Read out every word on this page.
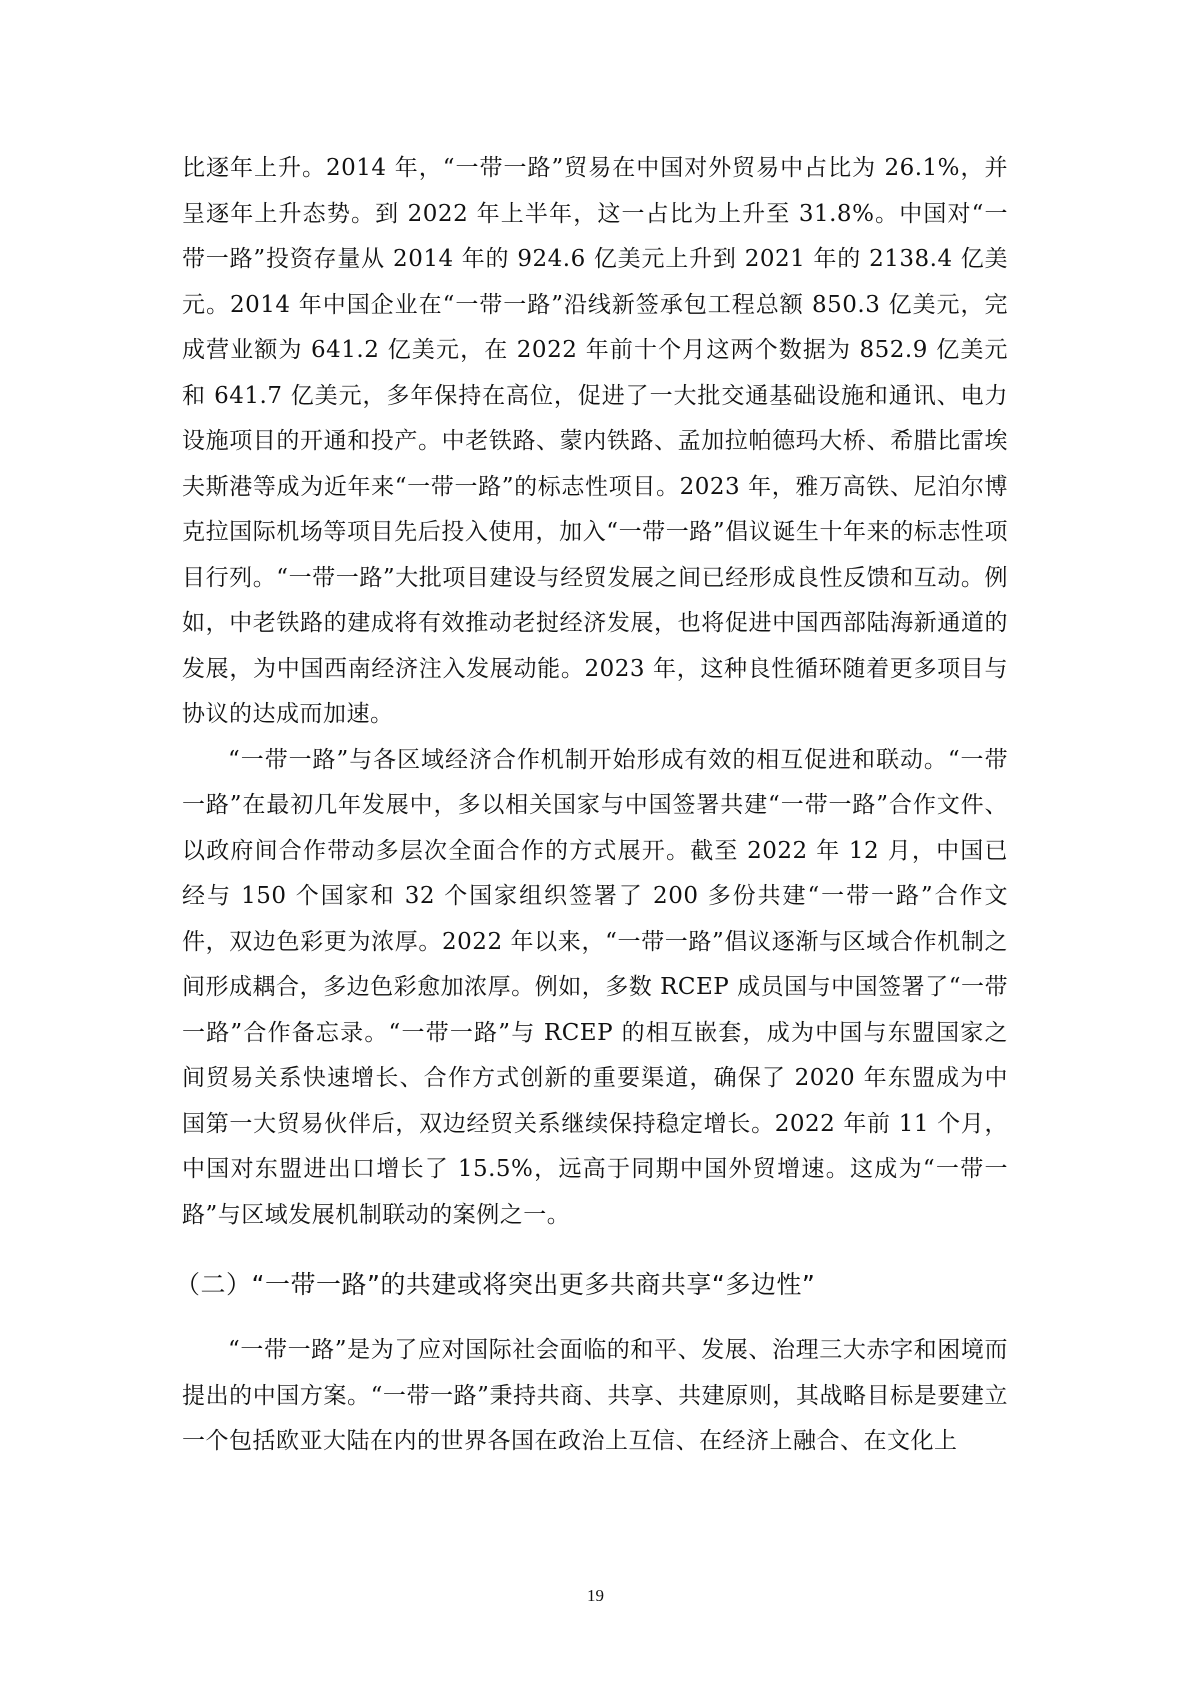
比逐年上升。2014 年，“一带一路”贸易在中国对外贸易中占比为 26.1%，并呈逐年上升态势。到 2022 年上半年，这一占比为上升至 31.8%。中国对“一带一路”投资存量从 2014 年的 924.6 亿美元上升到 2021 年的 2138.4 亿美元。2014 年中国企业在“一带一路”沿线新签承包工程总额 850.3 亿美元，完成营业额为 641.2 亿美元，在 2022 年前十个月这两个数据为 852.9 亿美元和 641.7 亿美元，多年保持在高位，促进了一大批交通基础设施和通讯、电力设施项目的开通和投产。中老铁路、蒙内铁路、孟加拉帕德玛大桥、希腊比雷埃夫斯港等成为近年来“一带一路”的标志性项目。2023 年，雅万高铁、尼泊尔博克拉国际机场等项目先后投入使用，加入“一带一路”倡议诞生十年来的标志性项目行列。“一带一路”大批项目建设与经贸发展之间已经形成良性反馈和互动。例如，中老铁路的建成将有效推动老挝经济发展，也将促进中国西部陆海新通道的发展，为中国西南经济注入发展动能。2023 年，这种良性循环随着更多项目与协议的达成而加速。

“一带一路”与各区域经济合作机制开始形成有效的相互促进和联动。“一带一路”在最初几年发展中，多以相关国家与中国签署共建“一带一路”合作文件、以政府间合作带动多层次全面合作的方式展开。截至 2022 年 12 月，中国已经与 150 个国家和 32 个国家组织签署了 200 多份共建“一带一路”合作文件，双边色彩更为浓厚。2022 年以来，“一带一路”倡议逐渐与区域合作机制之间形成耦合，多边色彩愈加浓厚。例如，多数 RCEP 成员国与中国签署了“一带一路”合作备忘录。“一带一路”与 RCEP 的相互嵌套，成为中国与东盟国家之间贸易关系快速增长、合作方式创新的重要渠道，确保了 2020 年东盟成为中国第一大贸易伙伴后，双边经贸关系继续保持稳定增长。2022 年前 11 个月，中国对东盟进出口增长了 15.5%，远高于同期中国外贸增速。这成为“一带一路”与区域发展机制联动的案例之一。

（二）“一带一路”的共建或将突出更多共商共享“多边性”

“一带一路”是为了应对国际社会面临的和平、发展、治理三大赤字和困境而提出的中国方案。“一带一路”秉持共商、共享、共建原则，其战略目标是要建立一个包括欧亚大陆在内的世界各国在政治上互信、在经济上融合、在文化上

19
